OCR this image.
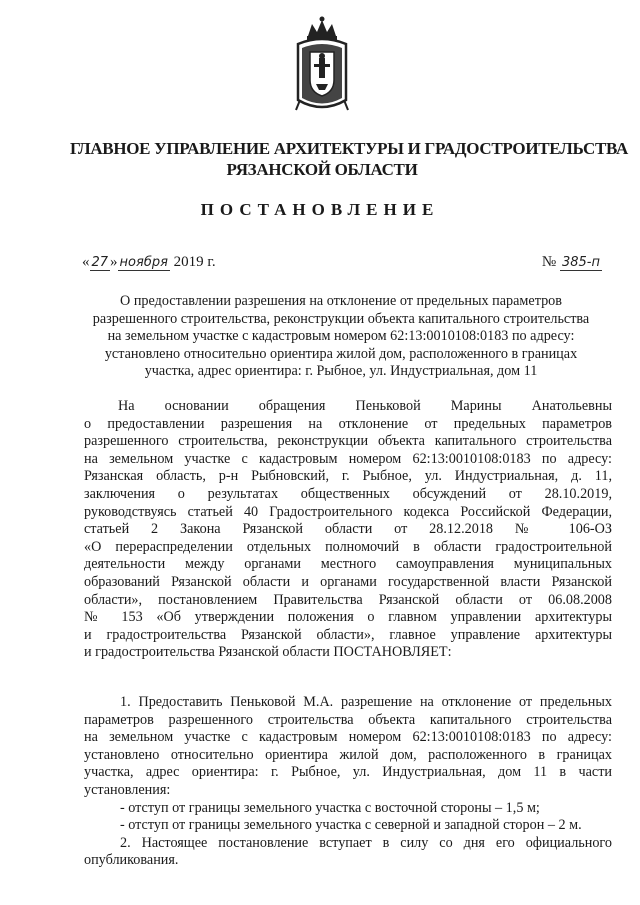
ГЛАВНОЕ УПРАВЛЕНИЕ АРХИТЕКТУРЫ И ГРАДОСТРОИТЕЛЬСТВА
РЯЗАНСКОЙ ОБЛАСТИ
ПОСТАНОВЛЕНИЕ
« 27 » ноября 2019 г.	№ 385-п
О предоставлении разрешения на отклонение от предельных параметров
разрешенного строительства, реконструкции объекта капитального строительства
на земельном участке с кадастровым номером 62:13:0010108:0183 по адресу:
установлено относительно ориентира жилой дом, расположенного в границах
участка, адрес ориентира: г. Рыбное, ул. Индустриальная, дом 11
На основании обращения Пеньковой Марины Анатольевны
о предоставлении разрешения на отклонение от предельных параметров
разрешенного строительства, реконструкции объекта капитального строительства
на земельном участке с кадастровым номером 62:13:0010108:0183 по адресу:
Рязанская область, р-н Рыбновский, г. Рыбное, ул. Индустриальная, д. 11,
заключения о результатах общественных обсуждений от 28.10.2019,
руководствуясь статьей 40 Градостроительного кодекса Российской Федерации,
статьей 2 Закона Рязанской области от 28.12.2018 № 106-ОЗ
«О перераспределении отдельных полномочий в области градостроительной
деятельности между органами местного самоуправления муниципальных
образований Рязанской области и органами государственной власти Рязанской
области», постановлением Правительства Рязанской области от 06.08.2008
№ 153 «Об утверждении положения о главном управлении архитектуры
и градостроительства Рязанской области», главное управление архитектуры
и градостроительства Рязанской области ПОСТАНОВЛЯЕТ:
1. Предоставить Пеньковой М.А. разрешение на отклонение от предельных
параметров разрешенного строительства объекта капитального строительства
на земельном участке с кадастровым номером 62:13:0010108:0183 по адресу:
установлено относительно ориентира жилой дом, расположенного в границах
участка, адрес ориентира: г. Рыбное, ул. Индустриальная, дом 11 в части
установления:
- отступ от границы земельного участка с восточной стороны – 1,5 м;
- отступ от границы земельного участка с северной и западной сторон – 2 м.
2. Настоящее постановление вступает в силу со дня его официального
опубликования.
